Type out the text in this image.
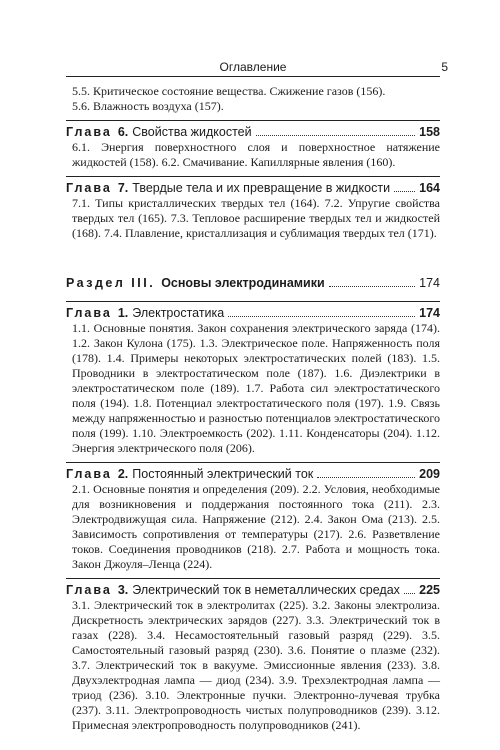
Оглавление	5

5.5. Критическое состояние вещества. Сжижение газов (156).

5.6. Влажность воздуха (157).

Глава 6. Свойства жидкостей	158

6.1. Энергия поверхностного слоя и поверхностное натяжение жидкостей (158). 6.2. Смачивание. Капиллярные явления (160).

Глава 7. Твердые тела и их превращение в жидкости 164

7.1. Типы кристаллических твердых тел (164). 7.2. Упругие свойства твердых тел (165). 7.3. Тепловое расширение твердых тел и жидкостей (168). 7.4. Плавление, кристаллизация и сублимация твердых тел (171).

Раздел III. Основы электродинамики	174
Глава 1. Электростатика	174

1.1. Основные понятия. Закон сохранения электрического заряда (174). 1.2. Закон Кулона (175). 1.3. Электрическое поле. Напряженность поля (178). 1.4. Примеры некоторых электростатических полей (183). 1.5. Проводники в электростатическом поле (187). 1.6. Диэлектрики в электростатическом поле (189). 1.7. Работа сил электростатического поля (194). 1.8. Потенциал электростатического поля (197). 1.9. Связь между напряженностью и разностью потенциалов электростатического поля (199). 1.10. Электроемкость (202). 1.11. Конденсаторы (204). 1.12. Энергия электрического поля (206).

Глава 2. Постоянный электрический ток	209

2.1. Основные понятия и определения (209). 2.2. Условия, необходимые для возникновения и поддержания постоянного тока (211). 2.3. Электродвижущая сила. Напряжение (212). 2.4. Закон Ома (213). 2.5. Зависимость сопротивления от температуры (217). 2.6. Разветвление токов. Соединения проводников (218). 2.7. Работа и мощность тока. Закон Джоуля–Ленца (224).

Глава 3. Электрический ток в неметаллических средах 225

3.1. Электрический ток в электролитах (225). 3.2. Законы электролиза. Дискретность электрических зарядов (227). 3.3. Электрический ток в газах (228). 3.4. Несамостоятельный газовый разряд (229). 3.5. Самостоятельный газовый разряд (230). 3.6. Понятие о плазме (232). 3.7. Электрический ток в вакууме. Эмиссионные явления (233). 3.8. Двухэлектродная лампа — диод (234). 3.9. Трехэлектродная лампа — триод (236). 3.10. Электронные пучки. Электронно-лучевая трубка (237). 3.11. Электропроводность чистых полупроводников (239). 3.12. Примесная электропроводность полупроводников (241).
